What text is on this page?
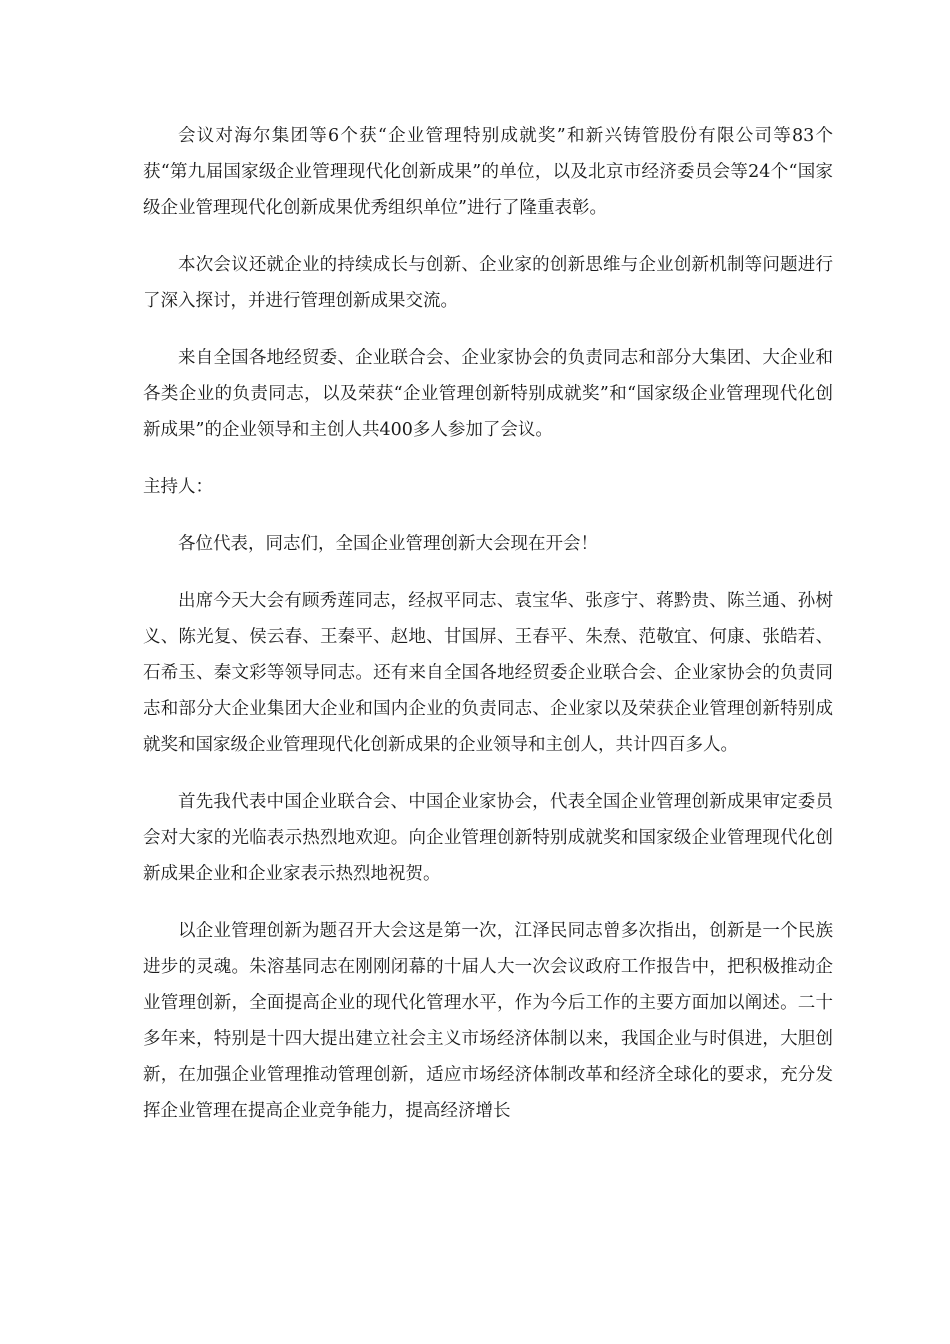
会议对海尔集团等6个获“企业管理特别成就奖”和新兴铸管股份有限公司等83个获“第九届国家级企业管理现代化创新成果”的单位，以及北京市经济委员会等24个“国家级企业管理现代化创新成果优秀组织单位”进行了隆重表彰。

本次会议还就企业的持续成长与创新、企业家的创新思维与企业创新机制等问题进行了深入探讨，并进行管理创新成果交流。

来自全国各地经贸委、企业联合会、企业家协会的负责同志和部分大集团、大企业和各类企业的负责同志，以及荣获“企业管理创新特别成就奖”和“国家级企业管理现代化创新成果”的企业领导和主创人共400多人参加了会议。

主持人：

各位代表，同志们，全国企业管理创新大会现在开会！

出席今天大会有顾秀莲同志，经叔平同志、袁宝华、张彦宁、蒋黔贵、陈兰通、孙树义、陈光复、侯云春、王秦平、赵地、甘国屏、王春平、朱焘、范敬宜、何康、张皓若、石希玉、秦文彩等领导同志。还有来自全国各地经贸委企业联合会、企业家协会的负责同志和部分大企业集团大企业和国内企业的负责同志、企业家以及荣获企业管理创新特别成就奖和国家级企业管理现代化创新成果的企业领导和主创人，共计四百多人。

首先我代表中国企业联合会、中国企业家协会，代表全国企业管理创新成果审定委员会对大家的光临表示热烈地欢迎。向企业管理创新特别成就奖和国家级企业管理现代化创新成果企业和企业家表示热烈地祝贺。

以企业管理创新为题召开大会这是第一次，江泽民同志曾多次指出，创新是一个民族进步的灵魂。朱溶基同志在刚刚闭幕的十届人大一次会议政府工作报告中，把积极推动企业管理创新，全面提高企业的现代化管理水平，作为今后工作的主要方面加以阐述。二十多年来，特别是十四大提出建立社会主义市场经济体制以来，我国企业与时俱进，大胆创新，在加强企业管理推动管理创新，适应市场经济体制改革和经济全球化的要求，充分发挥企业管理在提高企业竞争能力，提高经济增长
